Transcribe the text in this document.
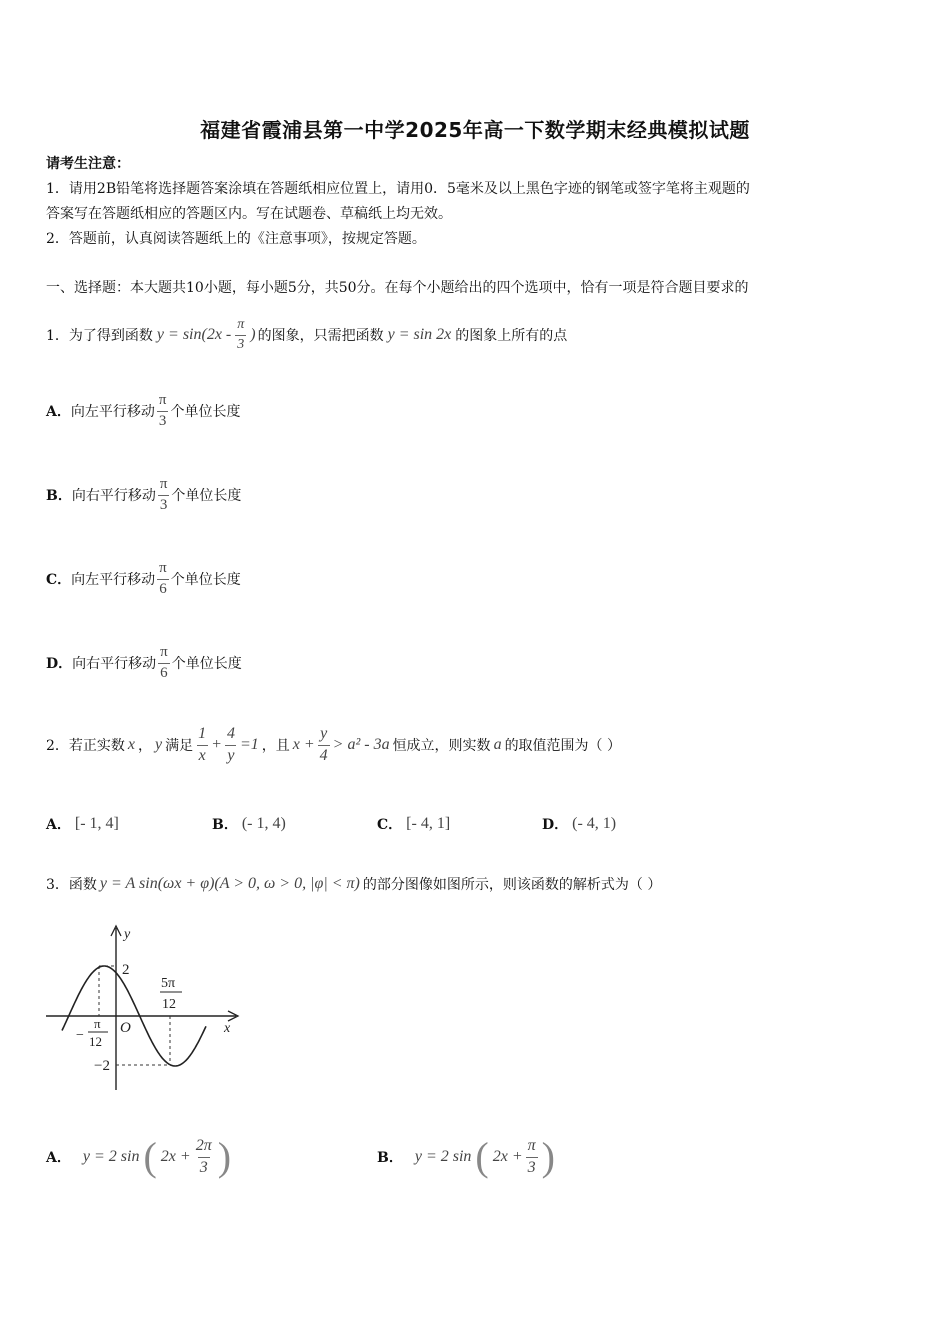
福建省霞浦县第一中学2025年高一下数学期末经典模拟试题
请考生注意：
1．请用2B铅笔将选择题答案涂填在答题纸相应位置上，请用0．5毫米及以上黑色字迹的钢笔或签字笔将主观题的
答案写在答题纸相应的答题区内。写在试题卷、草稿纸上均无效。
2．答题前，认真阅读答题纸上的《注意事项》，按规定答题。
一、选择题：本大题共10小题，每小题5分，共50分。在每个小题给出的四个选项中，恰有一项是符合题目要求的
1． 为了得到函数 $y = \sin(2x - \frac{\pi}{3}$ ) 的图象，只需把函数 y = sin 2x 的图象上所有的点
A． 向左平行移动 $\frac{\pi}{3}$ 个单位长度
B． 向右平行移动 $\frac{\pi}{3}$ 个单位长度
C． 向左平行移动 $\frac{\pi}{6}$ 个单位长度
D． 向右平行移动 $\frac{\pi}{6}$ 个单位长度
2． 若正实数 x ， y 满足 $\frac{1}{x} + \frac{4}{y} =1$ ，且 $x + \frac{y}{4} > a^2 - 3a$ 恒成立，则实数 a 的取值范围为（ ）
A． [- 1, 4]	B． (- 1, 4)	C． [- 4, 1]	D． (- 4, 1)
3． 函数 y = A sin(ωx + φ)(A > 0, ω > 0, |φ| < π) 的部分图像如图所示，则该函数的解析式为（ ）
y
x
O
2
−2
−
π
12
5π
12
A． y = 2 sin ( $2x + \frac{2\pi}{3}$ )	B． y = 2 sin ( $2x + \frac{\pi}{3}$ )
